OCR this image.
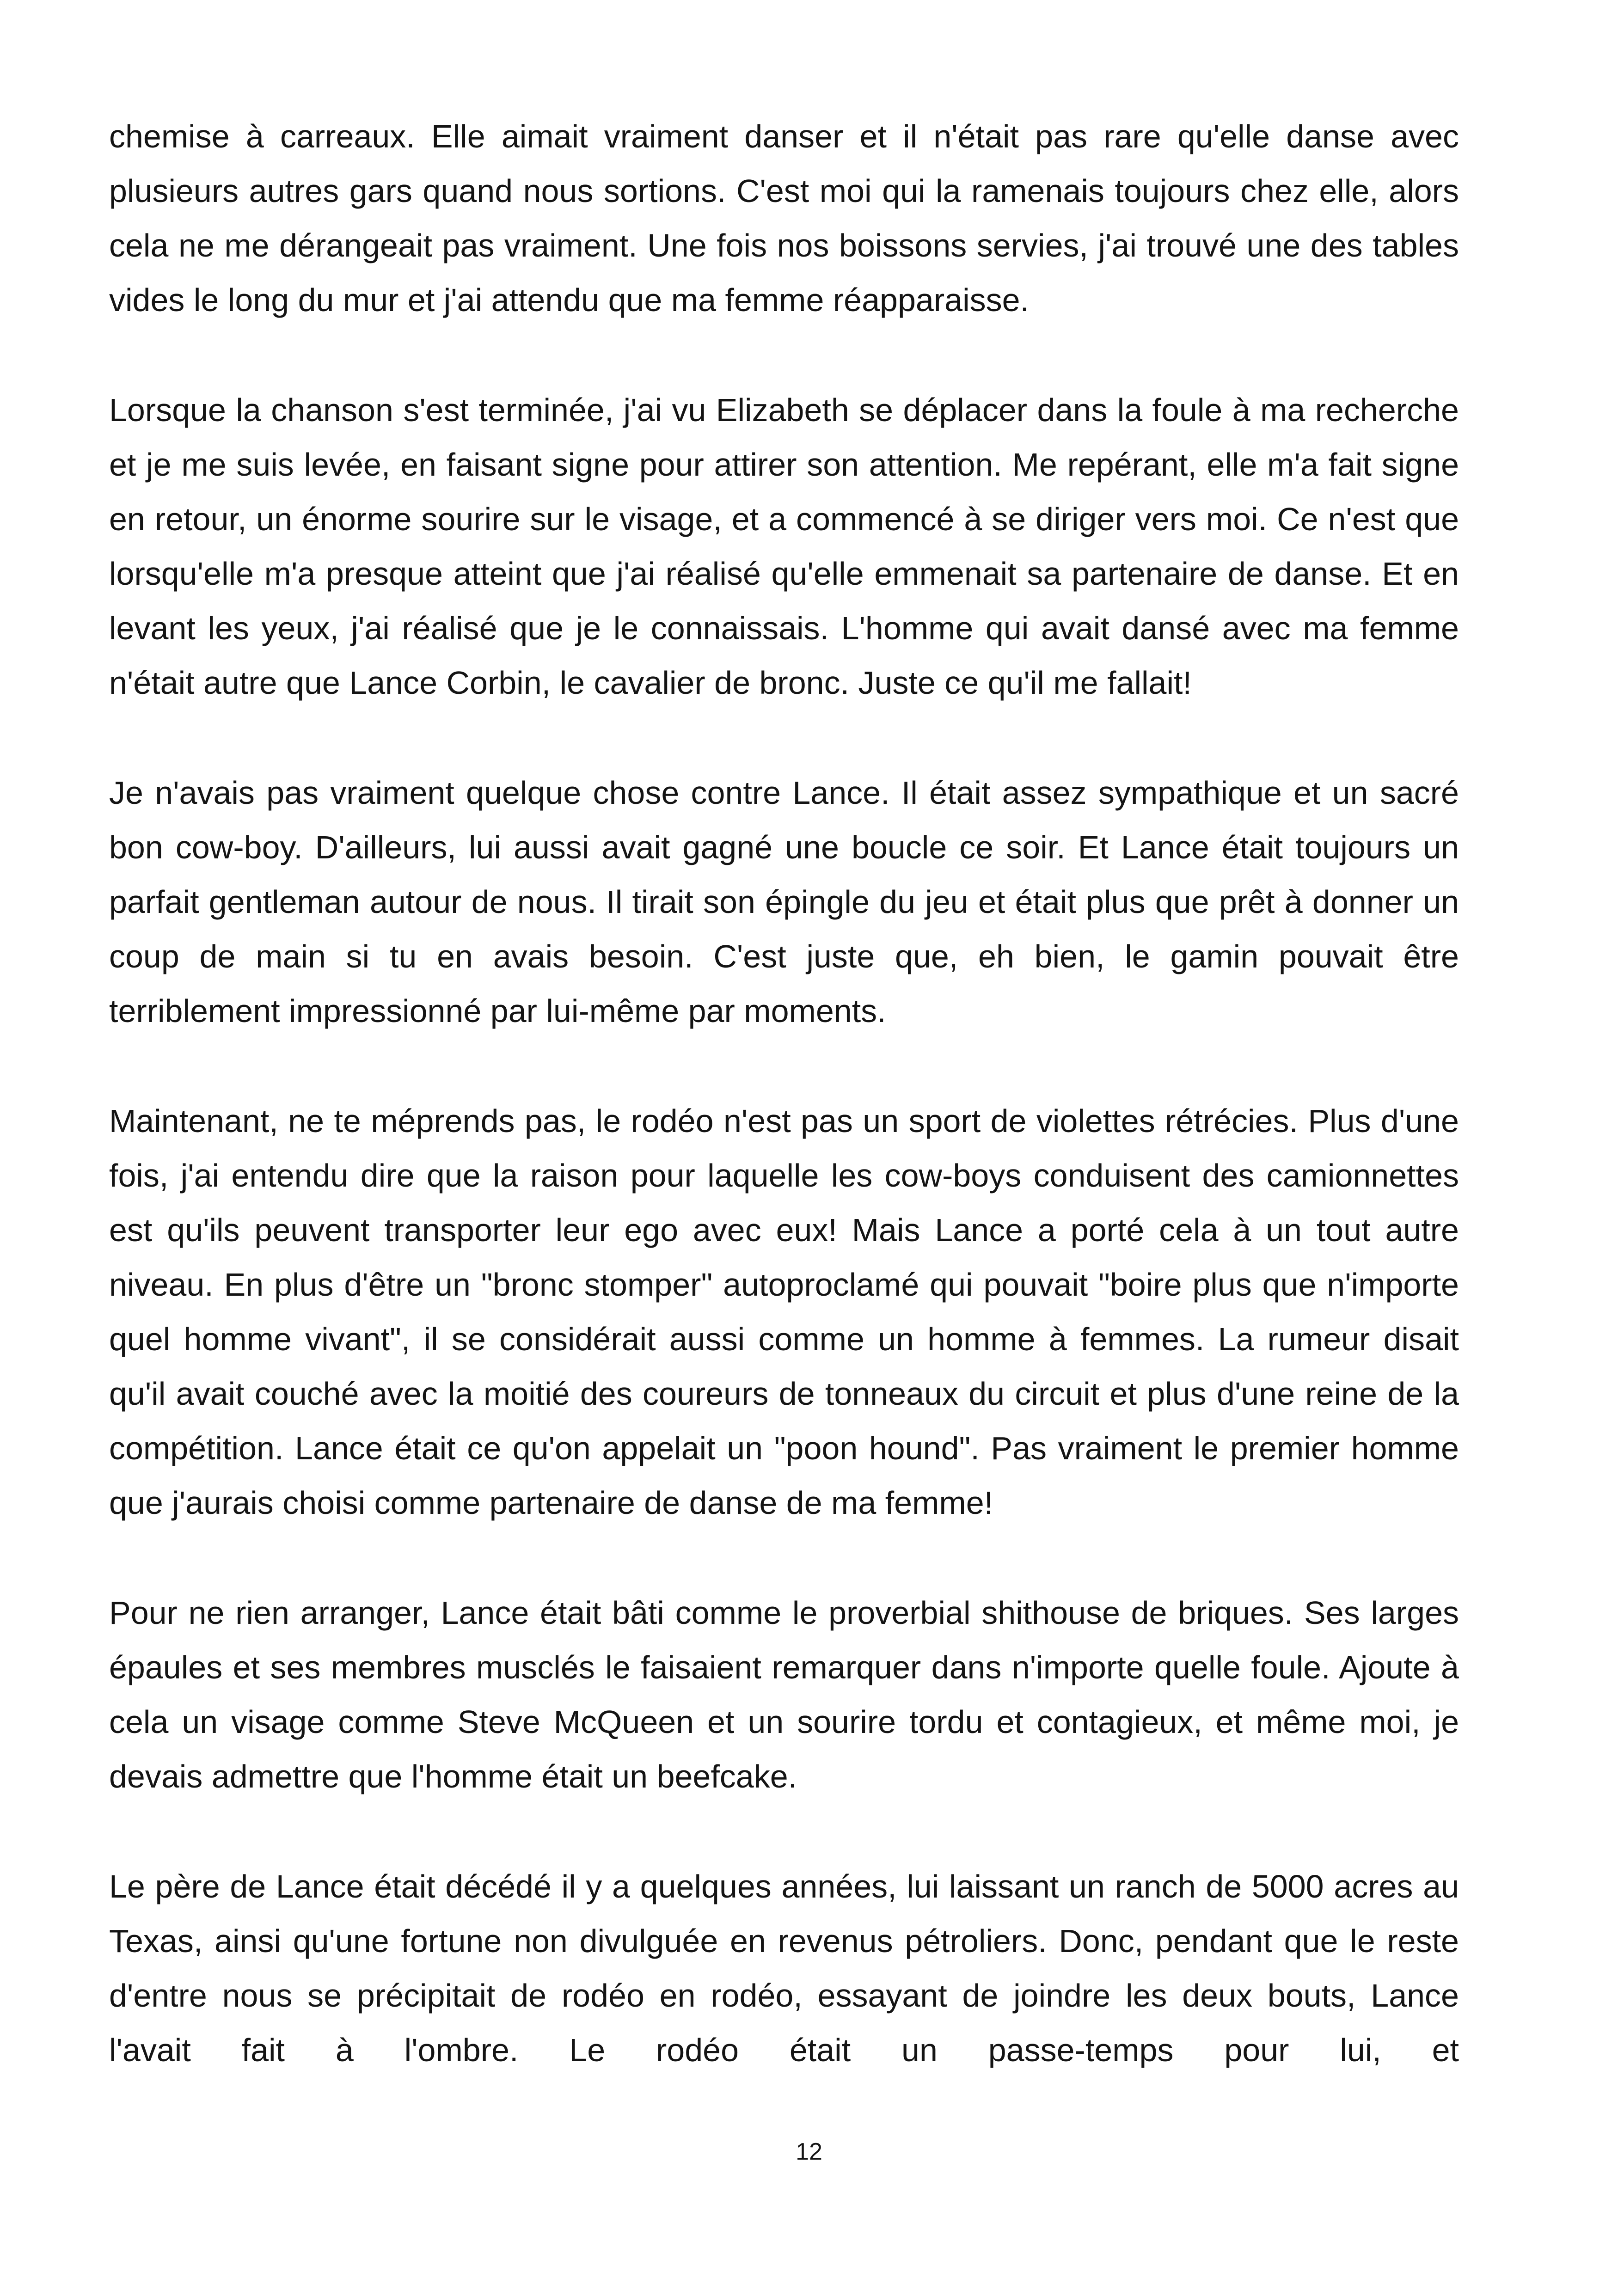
chemise à carreaux. Elle aimait vraiment danser et il n'était pas rare qu'elle danse avec plusieurs autres gars quand nous sortions. C'est moi qui la ramenais toujours chez elle, alors cela ne me dérangeait pas vraiment. Une fois nos boissons servies, j'ai trouvé une des tables vides le long du mur et j'ai attendu que ma femme réapparaisse.

Lorsque la chanson s'est terminée, j'ai vu Elizabeth se déplacer dans la foule à ma recherche et je me suis levée, en faisant signe pour attirer son attention. Me repérant, elle m'a fait signe en retour, un énorme sourire sur le visage, et a commencé à se diriger vers moi. Ce n'est que lorsqu'elle m'a presque atteint que j'ai réalisé qu'elle emmenait sa partenaire de danse. Et en levant les yeux, j'ai réalisé que je le connaissais. L'homme qui avait dansé avec ma femme n'était autre que Lance Corbin, le cavalier de bronc. Juste ce qu'il me fallait!

Je n'avais pas vraiment quelque chose contre Lance. Il était assez sympathique et un sacré bon cow-boy. D'ailleurs, lui aussi avait gagné une boucle ce soir. Et Lance était toujours un parfait gentleman autour de nous. Il tirait son épingle du jeu et était plus que prêt à donner un coup de main si tu en avais besoin. C'est juste que, eh bien, le gamin pouvait être terriblement impressionné par lui-même par moments.

Maintenant, ne te méprends pas, le rodéo n'est pas un sport de violettes rétrécies. Plus d'une fois, j'ai entendu dire que la raison pour laquelle les cow-boys conduisent des camionnettes est qu'ils peuvent transporter leur ego avec eux! Mais Lance a porté cela à un tout autre niveau. En plus d'être un "bronc stomper" autoproclamé qui pouvait "boire plus que n'importe quel homme vivant", il se considérait aussi comme un homme à femmes. La rumeur disait qu'il avait couché avec la moitié des coureurs de tonneaux du circuit et plus d'une reine de la compétition. Lance était ce qu'on appelait un "poon hound". Pas vraiment le premier homme que j'aurais choisi comme partenaire de danse de ma femme!

Pour ne rien arranger, Lance était bâti comme le proverbial shithouse de briques. Ses larges épaules et ses membres musclés le faisaient remarquer dans n'importe quelle foule. Ajoute à cela un visage comme Steve McQueen et un sourire tordu et contagieux, et même moi, je devais admettre que l'homme était un beefcake.

Le père de Lance était décédé il y a quelques années, lui laissant un ranch de 5000 acres au Texas, ainsi qu'une fortune non divulguée en revenus pétroliers. Donc, pendant que le reste d'entre nous se précipitait de rodéo en rodéo, essayant de joindre les deux bouts, Lance l'avait fait à l'ombre. Le rodéo était un passe-temps pour lui, et

12
